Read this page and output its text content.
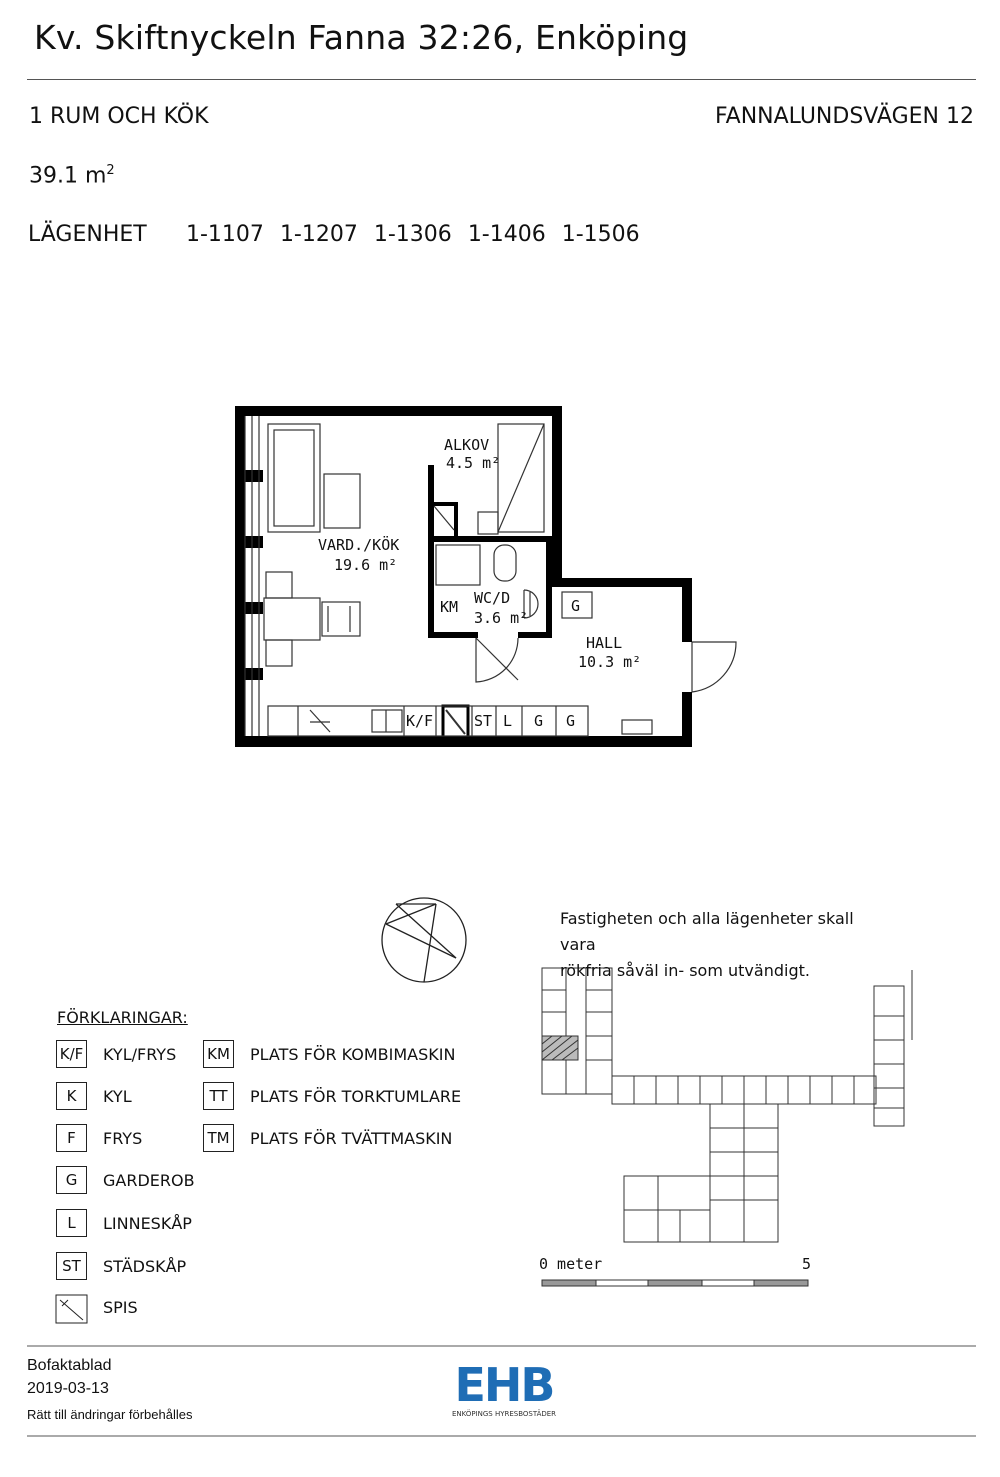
Kv. Skiftnyckeln Fanna 32:26, Enköping
1 RUM OCH KÖK	FANNALUNDSVÄGEN 12
39.1 $m^2$
LÄGENHET 1-1107 1-1207 1-1306 1-1406 1-1506
ALKOV
4.5 m²
VARD./KÖK
19.6 m²
WC/D
3.6 m²
HALL
10.3 m²
KM	G
K/F	ST L G G
0 meter	5
FÖRKLARINGAR:
K/F KYL/FRYS
K	KYL
F	FRYS
G	GARDEROB
L	LINNESKÅP
ST	STÄDSKÅP
SPIS
KM PLATS FÖR KOMBIMASKIN
TT	PLATS FÖR TORKTUMLARE
TM PLATS FÖR TVÄTTMASKIN
Fastigheten och alla lägenheter skall vara
rökfria såväl in- som utvändigt.
Bofaktablad
2019-03-13
Rätt till ändringar förbehålles
EHB
ENKÖPINGS HYRESBOSTÄDER
